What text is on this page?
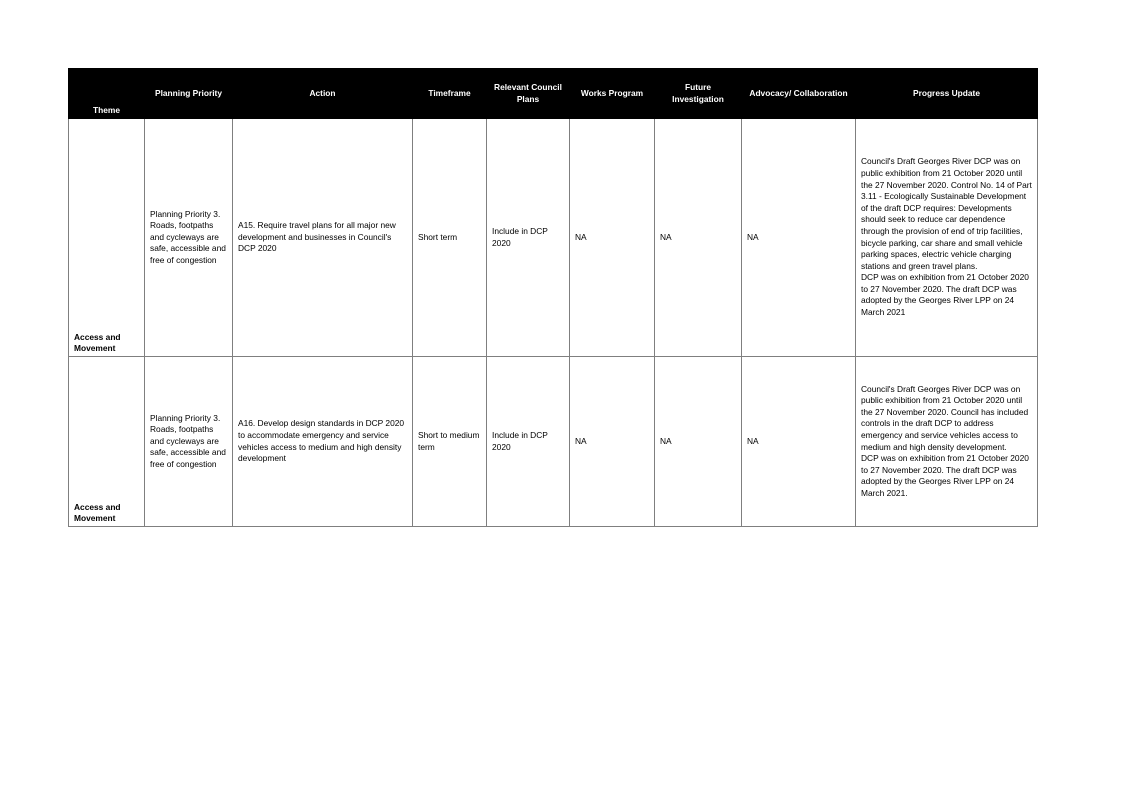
Theme	Planning Priority	Action	Timeframe	Relevant Council Plans	Works Program	Future Investigation	Advocacy/ Collaboration	Progress Update
Access and Movement	Planning Priority 3. Roads, footpaths and cycleways are safe, accessible and free of congestion	A15. Require travel plans for all major new development and businesses in Council's DCP 2020	Short term	Include in DCP 2020	NA	NA	NA	Council's Draft Georges River DCP was on public exhibition from 21 October 2020 until the 27 November 2020. Control No. 14 of Part 3.11 - Ecologically Sustainable Development of the draft DCP requires: Developments should seek to reduce car dependence through the provision of end of trip facilities, bicycle parking, car share and small vehicle parking spaces, electric vehicle charging stations and green travel plans.
DCP was on exhibition from 21 October 2020 to 27 November 2020. The draft DCP was adopted by the Georges River LPP on 24 March 2021
Access and Movement	Planning Priority 3. Roads, footpaths and cycleways are safe, accessible and free of congestion	A16. Develop design standards in DCP 2020 to accommodate emergency and service vehicles access to medium and high density development	Short to medium term	Include in DCP 2020	NA	NA	NA	Council's Draft Georges River DCP was on public exhibition from 21 October 2020 until the 27 November 2020. Council has included controls in the draft DCP to address emergency and service vehicles access to medium and high density development.
DCP was on exhibition from 21 October 2020 to 27 November 2020. The draft DCP was adopted by the Georges River LPP on 24 March 2021.
